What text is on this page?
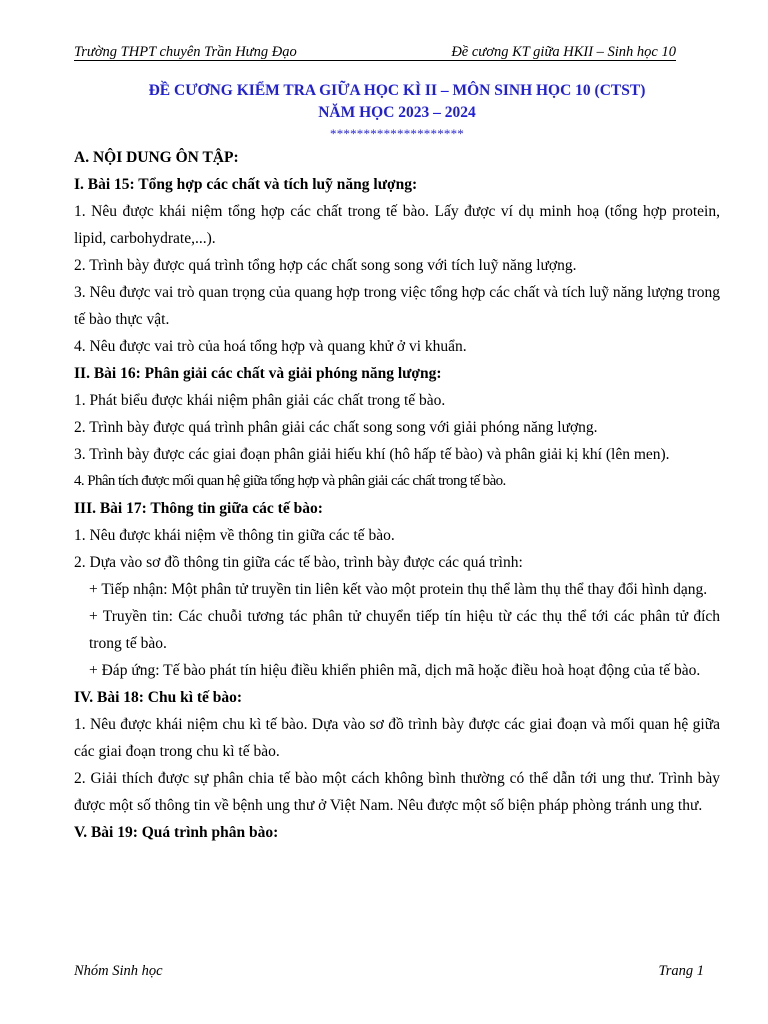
Trường THPT chuyên Trần Hưng Đạo	Đề cương KT giữa HKII – Sinh học 10
ĐỀ CƯƠNG KIỂM TRA GIỮA HỌC KÌ II – MÔN SINH HỌC 10 (CTST)
NĂM HỌC 2023 – 2024
********************

A. NỘI DUNG ÔN TẬP:

I. Bài 15: Tổng hợp các chất và tích luỹ năng lượng:

1. Nêu được khái niệm tổng hợp các chất trong tế bào. Lấy được ví dụ minh hoạ (tổng hợp protein, lipid, carbohydrate,...).

2. Trình bày được quá trình tổng hợp các chất song song với tích luỹ năng lượng.

3. Nêu được vai trò quan trọng của quang hợp trong việc tổng hợp các chất và tích luỹ năng lượng trong tế bào thực vật.

4. Nêu được vai trò của hoá tổng hợp và quang khử ở vi khuẩn.

II. Bài 16: Phân giải các chất và giải phóng năng lượng:

1. Phát biểu được khái niệm phân giải các chất trong tế bào.

2. Trình bày được quá trình phân giải các chất song song với giải phóng năng lượng.

3. Trình bày được các giai đoạn phân giải hiếu khí (hô hấp tế bào) và phân giải kị khí (lên men).

4. Phân tích được mối quan hệ giữa tổng hợp và phân giải các chất trong tế bào.

III. Bài 17: Thông tin giữa các tế bào:

1. Nêu được khái niệm về thông tin giữa các tế bào.

2. Dựa vào sơ đồ thông tin giữa các tế bào, trình bày được các quá trình:

+ Tiếp nhận: Một phân tử truyền tin liên kết vào một protein thụ thể làm thụ thể thay đổi hình dạng.

+ Truyền tin: Các chuỗi tương tác phân tử chuyển tiếp tín hiệu từ các thụ thể tới các phân tử đích trong tế bào.

+ Đáp ứng: Tế bào phát tín hiệu điều khiển phiên mã, dịch mã hoặc điều hoà hoạt động của tế bào.

IV. Bài 18: Chu kì tế bào:

1. Nêu được khái niệm chu kì tế bào. Dựa vào sơ đồ trình bày được các giai đoạn và mối quan hệ giữa các giai đoạn trong chu kì tế bào.

2. Giải thích được sự phân chia tế bào một cách không bình thường có thể dẫn tới ung thư. Trình bày được một số thông tin về bệnh ung thư ở Việt Nam. Nêu được một số biện pháp phòng tránh ung thư.

V. Bài 19: Quá trình phân bào:

Nhóm Sinh học	Trang 1
